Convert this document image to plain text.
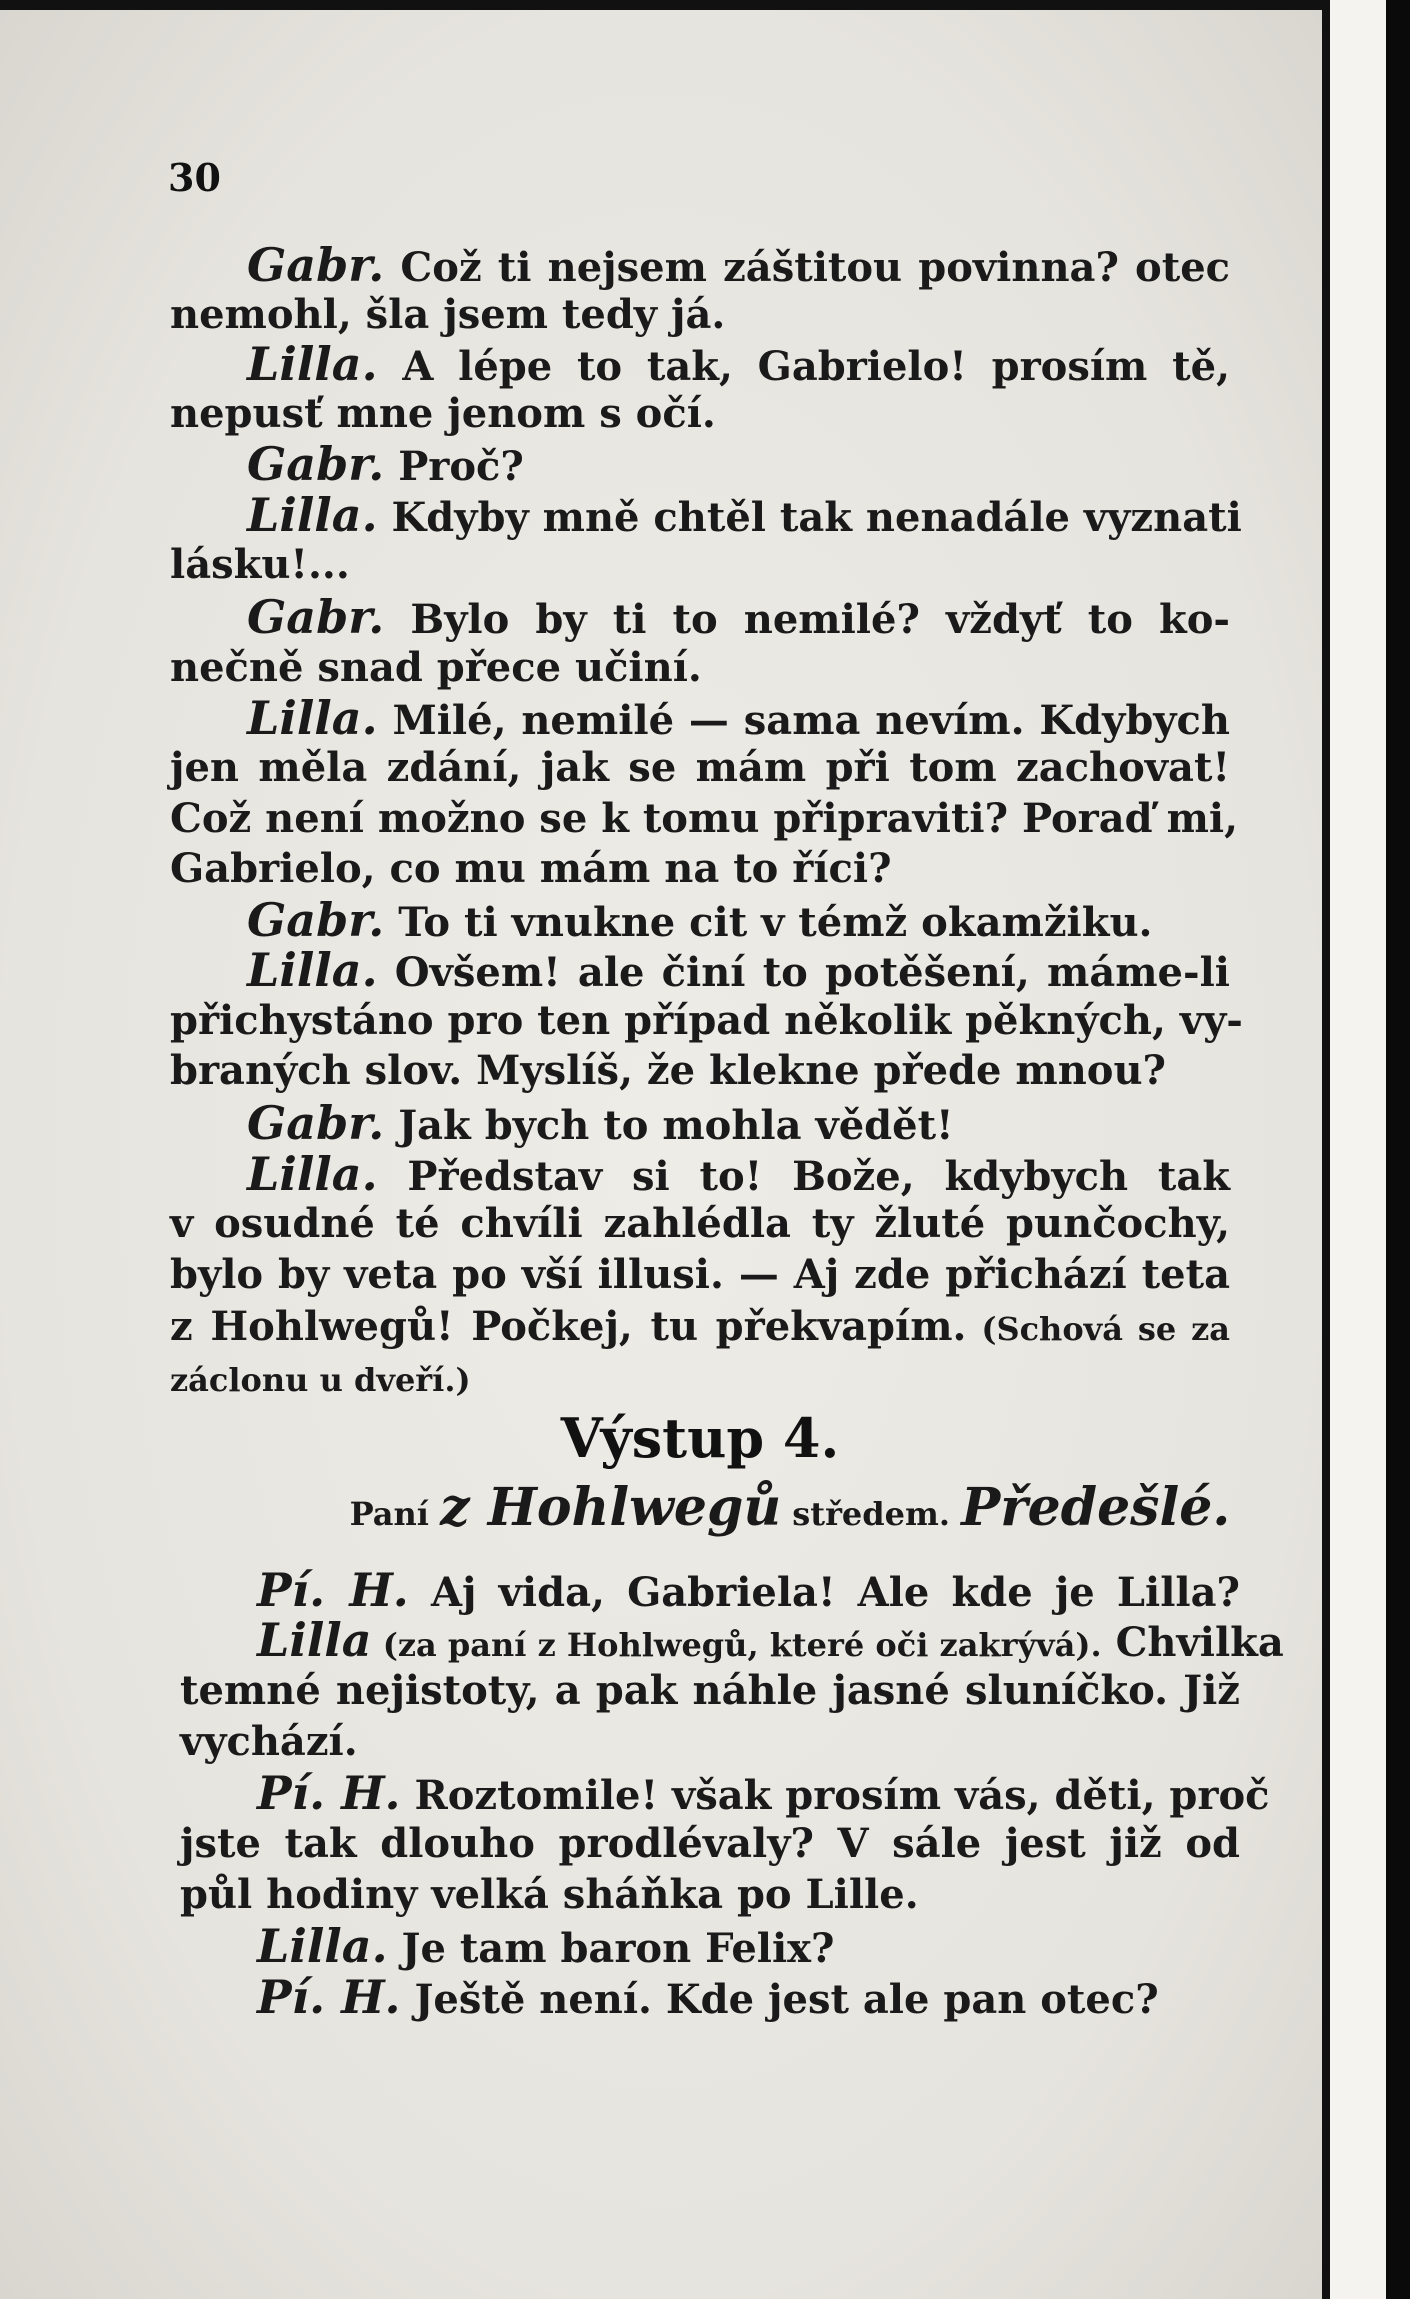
30
Gabr. Což ti nejsem záštitou povinna? otec
nemohl, šla jsem tedy já.
Lilla. A lépe to tak, Gabrielo! prosím tě,
nepusť mne jenom s očí.
Gabr. Proč?
Lilla. Kdyby mně chtěl tak nenadále vyznati
lásku!...
Gabr. Bylo by ti to nemilé? vždyť to ko-
nečně snad přece učiní.
Lilla. Milé, nemilé — sama nevím. Kdybych
jen měla zdání, jak se mám při tom zachovat!
Což není možno se k tomu připraviti? Poraď mi,
Gabrielo, co mu mám na to říci?
Gabr. To ti vnukne cit v témž okamžiku.
Lilla. Ovšem! ale činí to potěšení, máme-li
přichystáno pro ten případ několik pěkných, vy-
braných slov. Myslíš, že klekne přede mnou?
Gabr. Jak bych to mohla vědět!
Lilla. Představ si to! Bože, kdybych tak
v osudné té chvíli zahlédla ty žluté punčochy,
bylo by veta po vší illusi. — Aj zde přichází teta
z Hohlwegů! Počkej, tu překvapím. (Schová se za
záclonu u dveří.)
Výstup 4.
Paní z Hohlwegů středem. Předešlé.
Pí. H. Aj vida, Gabriela! Ale kde je Lilla?
Lilla (za paní z Hohlwegů, které oči zakrývá). Chvilka
temné nejistoty, a pak náhle jasné sluníčko. Již
vychází.
Pí. H. Roztomile! však prosím vás, děti, proč
jste tak dlouho prodlévaly? V sále jest již od
půl hodiny velká sháňka po Lille.
Lilla. Je tam baron Felix?
Pí. H. Ještě není. Kde jest ale pan otec?
